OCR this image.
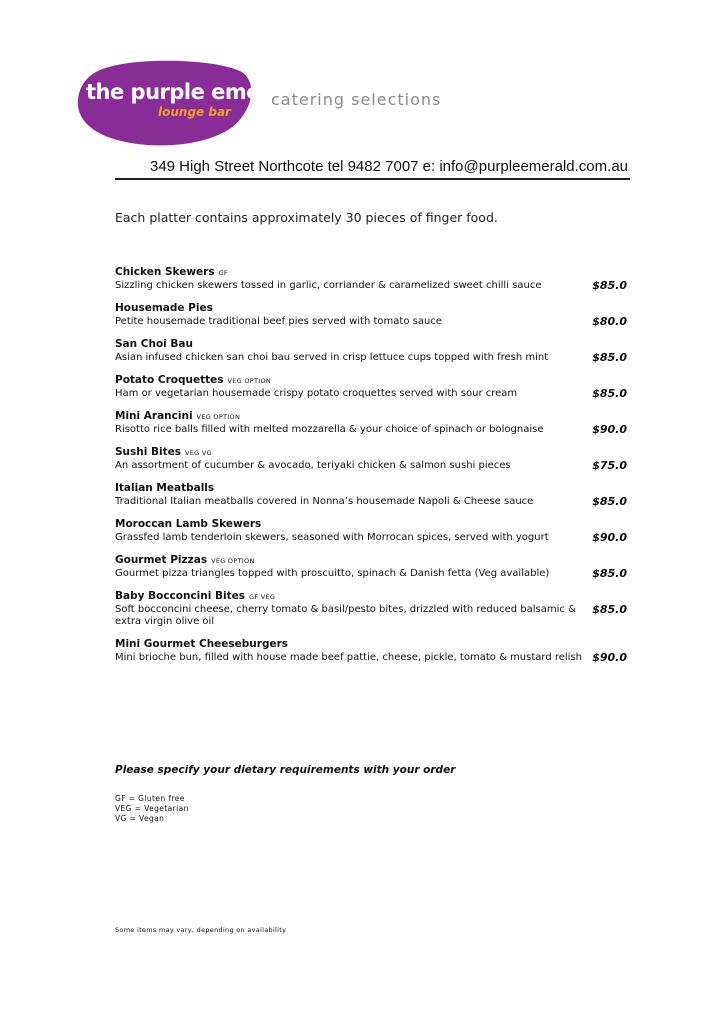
the purple emerald
lounge bar
catering selections
349 High Street Northcote tel 9482 7007 e: info@purpleemerald.com.au
Each platter contains approximately 30 pieces of finger food.
Chicken Skewers GF
Sizzling chicken skewers tossed in garlic, corriander & caramelized sweet chilli sauce	$85.0
Housemade Pies
Petite housemade traditional beef pies served with tomato sauce	$80.0
San Choi Bau
Asian infused chicken san choi bau served in crisp lettuce cups topped with fresh mint	$85.0
Potato Croquettes VEG OPTION
Ham or vegetarian housemade crispy potato croquettes served with sour cream	$85.0
Mini Arancini VEG OPTION
Risotto rice balls filled with melted mozzarella & your choice of spinach or bolognaise	$90.0
Sushi Bites VEG VG
An assortment of cucumber & avocado, teriyaki chicken & salmon sushi pieces	$75.0
Italian Meatballs
Traditional Italian meatballs covered in Nonna’s housemade Napoli & Cheese sauce	$85.0
Moroccan Lamb Skewers
Grassfed lamb tenderloin skewers, seasoned with Morrocan spices, served with yogurt	$90.0
Gourmet Pizzas VEG OPTION
Gourmet pizza triangles topped with proscuitto, spinach & Danish fetta (Veg available)	$85.0
Baby Bocconcini Bites GF VEG
Soft bocconcini cheese, cherry tomato & basil/pesto bites, drizzled with reduced balsamic & extra virgin olive oil
$85.0
Mini Gourmet Cheeseburgers
Mini brioche bun, filled with house made beef pattie, cheese, pickle, tomato & mustard relish $90.0
Please specify your dietary requirements with your order
GF = Gluten free
VEG = Vegetarian
VG = Vegan
Some items may vary, depending on availability
